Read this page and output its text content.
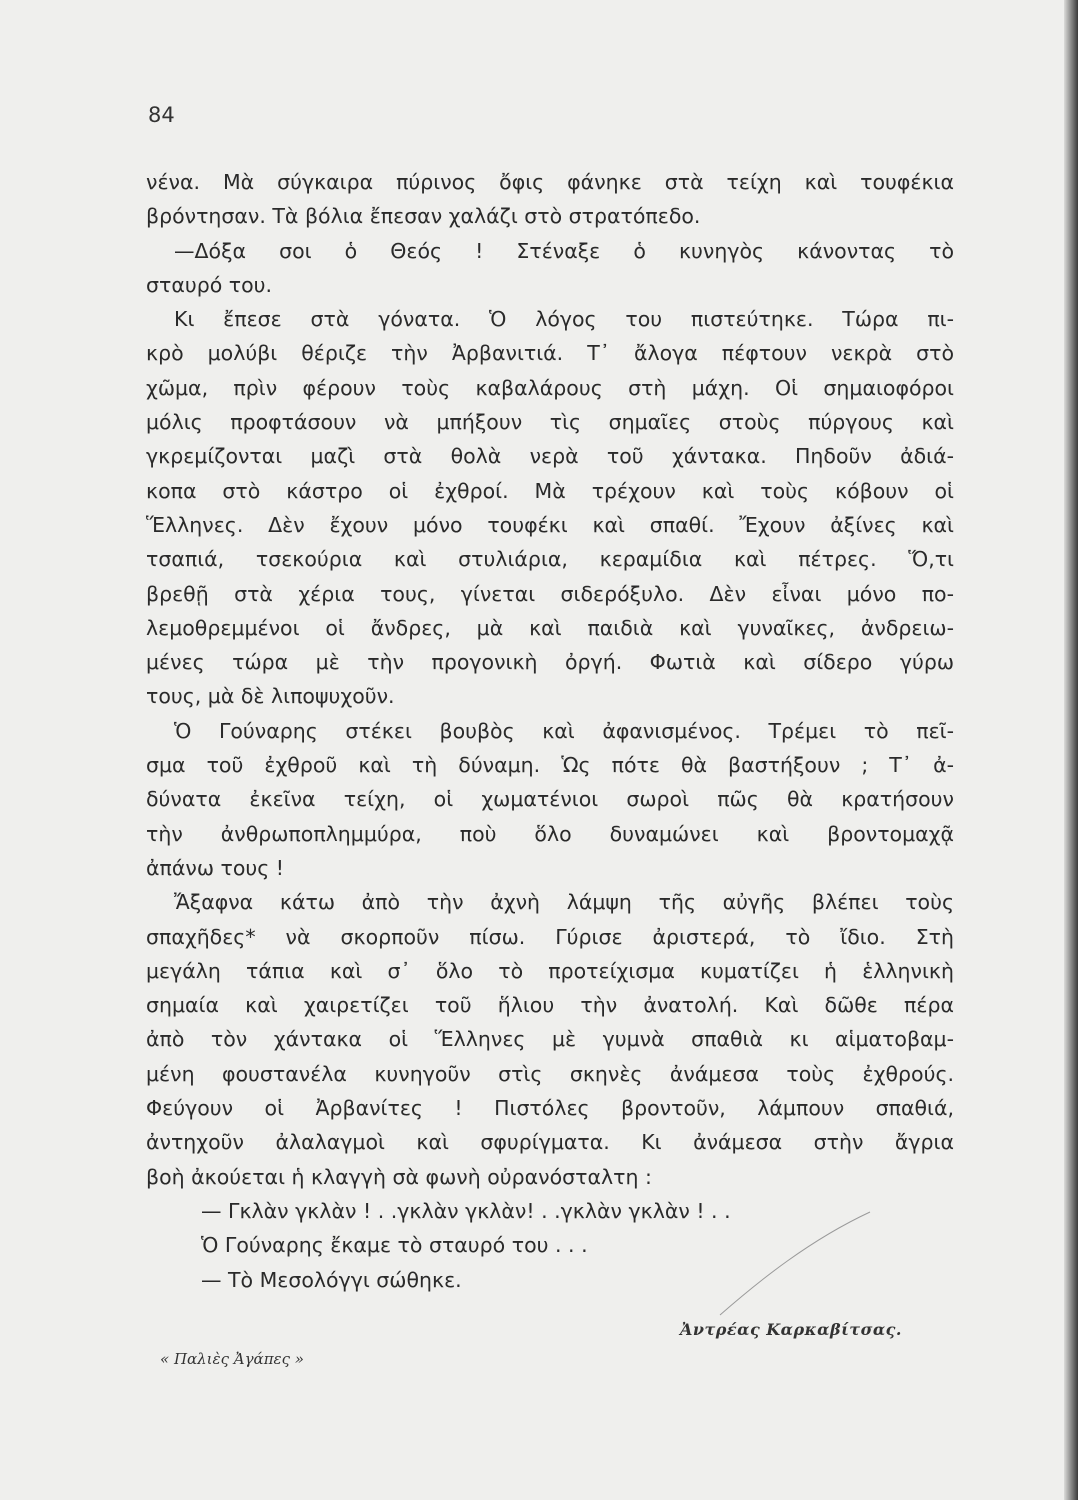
84
νένα. Μὰ σύγκαιρα πύρινος ὄφις φάνηκε στὰ τείχη καὶ τουφέκια
βρόντησαν. Τὰ βόλια ἔπεσαν χαλάζι στὸ στρατόπεδο.
—Δόξα σοι ὁ Θεός ! Στέναξε ὁ κυνηγὸς κάνοντας τὸ
σταυρό του.
Κι ἔπεσε στὰ γόνατα. Ὁ λόγος του πιστεύτηκε. Τώρα πι-
κρὸ μολύβι θέριζε τὴν Ἀρβανιτιά. Τ᾽ ἄλογα πέφτουν νεκρὰ στὸ
χῶμα, πρὶν φέρουν τοὺς καβαλάρους στὴ μάχη. Οἱ σημαιοφόροι
μόλις προφτάσουν νὰ μπήξουν τὶς σημαῖες στοὺς πύργους καὶ
γκρεμίζονται μαζὶ στὰ θολὰ νερὰ τοῦ χάντακα. Πηδοῦν ἀδιά-
κοπα στὸ κάστρο οἱ ἐχθροί. Μὰ τρέχουν καὶ τοὺς κόβουν οἱ
Ἕλληνες. Δὲν ἔχουν μόνο τουφέκι καὶ σπαθί. Ἔχουν ἀξίνες καὶ
τσαπιά, τσεκούρια καὶ στυλιάρια, κεραμίδια καὶ πέτρες. Ὅ,τι
βρεθῇ στὰ χέρια τους, γίνεται σιδερόξυλο. Δὲν εἶναι μόνο πο-
λεμοθρεμμένοι οἱ ἄνδρες, μὰ καὶ παιδιὰ καὶ γυναῖκες, ἀνδρειω-
μένες τώρα μὲ τὴν προγονικὴ ὀργή. Φωτιὰ καὶ σίδερο γύρω
τους, μὰ δὲ λιποψυχοῦν.
Ὁ Γούναρης στέκει βουβὸς καὶ ἀφανισμένος. Τρέμει τὸ πεῖ-
σμα τοῦ ἐχθροῦ καὶ τὴ δύναμη. Ὡς πότε θὰ βαστήξουν ; Τ᾽ ἀ-
δύνατα ἐκεῖνα τείχη, οἱ χωματένιοι σωροὶ πῶς θὰ κρατήσουν
τὴν ἀνθρωποπλημμύρα, ποὺ ὅλο δυναμώνει καὶ βροντομαχᾷ
ἀπάνω τους !
Ἄξαφνα κάτω ἀπὸ τὴν ἀχνὴ λάμψη τῆς αὐγῆς βλέπει τοὺς
σπαχῆδες* νὰ σκορποῦν πίσω. Γύρισε ἀριστερά, τὸ ἴδιο. Στὴ
μεγάλη τάπια καὶ σ᾽ ὅλο τὸ προτείχισμα κυματίζει ἡ ἑλληνικὴ
σημαία καὶ χαιρετίζει τοῦ ἥλιου τὴν ἀνατολή. Καὶ δῶθε πέρα
ἀπὸ τὸν χάντακα οἱ Ἕλληνες μὲ γυμνὰ σπαθιὰ κι αἱματοβαμ-
μένη φουστανέλα κυνηγοῦν στὶς σκηνὲς ἀνάμεσα τοὺς ἐχθρούς.
Φεύγουν οἱ Ἀρβανίτες ! Πιστόλες βροντοῦν, λάμπουν σπαθιά,
ἀντηχοῦν ἀλαλαγμοὶ καὶ σφυρίγματα. Κι ἀνάμεσα στὴν ἄγρια
βοὴ ἀκούεται ἡ κλαγγὴ σὰ φωνὴ οὐρανόσταλτη :
— Γκλὰν γκλὰν ! . .γκλὰν γκλὰν! . .γκλὰν γκλὰν ! . .
Ὁ Γούναρης ἔκαμε τὸ σταυρό του . . .
— Τὸ Μεσολόγγι σώθηκε.
Ἀντρέας Καρκαβίτσας.
« Παλιὲς Ἀγάπες »
